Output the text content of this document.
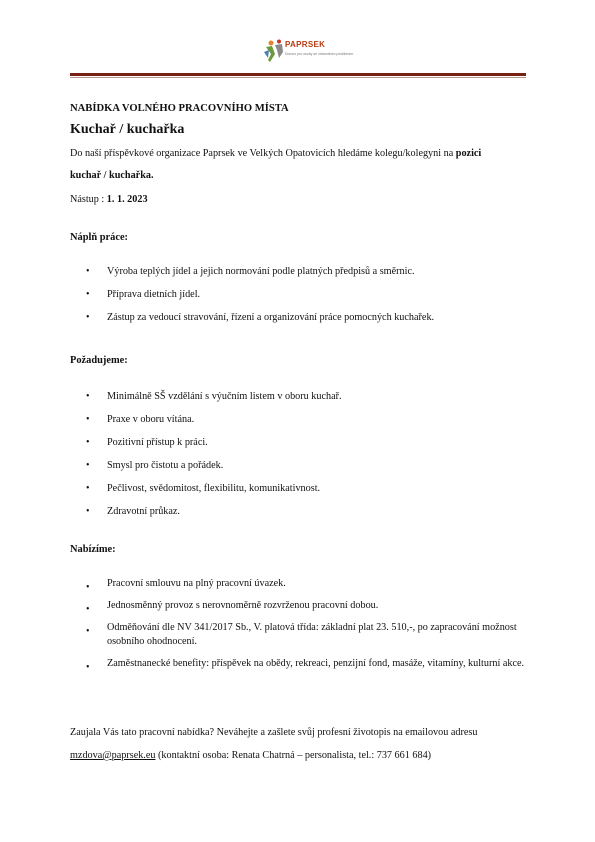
PAPRSEK
Domov pro osoby se zdravotním postižením
NABÍDKA VOLNÉHO PRACOVNÍHO MÍSTA
Kuchař / kuchařka
Do naší příspěvkové organizace Paprsek ve Velkých Opatovicích hledáme kolegu/kolegyni na pozici
kuchař / kuchařka.
Nástup : 1. 1. 2023
Náplň práce:
• Výroba teplých jídel a jejich normování podle platných předpisů a směrnic.
• Příprava dietních jídel.
• Zástup za vedoucí stravování, řízení a organizování práce pomocných kuchařek.
Požadujeme:
• Minimálně SŠ vzdělání s výučním listem v oboru kuchař.
• Praxe v oboru vítána.
• Pozitivní přístup k práci.
• Smysl pro čistotu a pořádek.
• Pečlivost, svědomitost, flexibilitu, komunikativnost.
• Zdravotní průkaz.
Nabízíme:
• Pracovní smlouvu na plný pracovní úvazek.
• Jednosměnný provoz s nerovnoměrně rozvrženou pracovní dobou.
• Odměňování dle NV 341/2017 Sb., V. platová třída: základní plat 23. 510,-, po zapracování možnost osobního ohodnocení.
• Zaměstnanecké benefity: příspěvek na obědy, rekreaci, penzijní fond, masáže, vitamíny, kulturní akce.
Zaujala Vás tato pracovní nabídka? Neváhejte a zašlete svůj profesní životopis na emailovou adresu
mzdova@paprsek.eu (kontaktní osoba: Renata Chatrná – personalista, tel.: 737 661 684)
